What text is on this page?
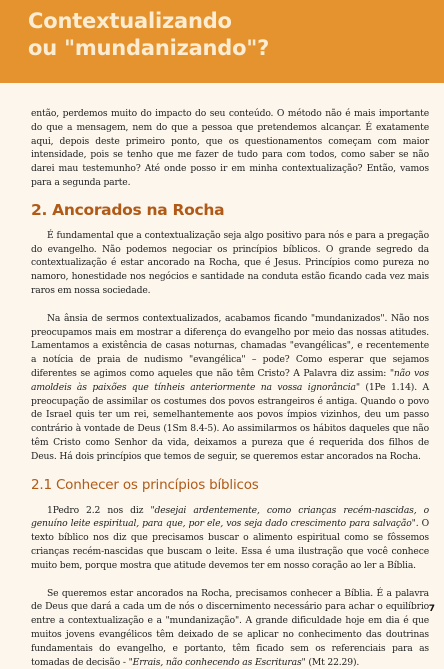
Contextualizando
ou "mundanizando"?

então, perdemos muito do impacto do seu conteúdo. O método não é mais importante do que a mensagem, nem do que a pessoa que pretendemos alcançar. É exatamente aqui, depois deste primeiro ponto, que os questionamentos começam com maior intensidade, pois se tenho que me fazer de tudo para com todos, como saber se não darei mau testemunho? Até onde posso ir em minha contextualização? Então, vamos para a segunda parte.

2. Ancorados na Rocha

É fundamental que a contextualização seja algo positivo para nós e para a pregação do evangelho. Não podemos negociar os princípios bíblicos. O grande segredo da contextualização é estar ancorado na Rocha, que é Jesus. Princípios como pureza no namoro, honestidade nos negócios e santidade na conduta estão ficando cada vez mais raros em nossa sociedade.

Na ânsia de sermos contextualizados, acabamos ficando "mundanizados". Não nos preocupamos mais em mostrar a diferença do evangelho por meio das nossas atitudes. Lamentamos a existência de casas noturnas, chamadas "evangélicas", e recentemente a notícia de praia de nudismo "evangélica" – pode? Como esperar que sejamos diferentes se agimos como aqueles que não têm Cristo? A Palavra diz assim: "não vos amoldeis às paixões que tínheis anteriormente na vossa ignorância" (1Pe 1.14). A preocupação de assimilar os costumes dos povos estrangeiros é antiga. Quando o povo de Israel quis ter um rei, semelhantemente aos povos ímpios vizinhos, deu um passo contrário à vontade de Deus (1Sm 8.4-5). Ao assimilarmos os hábitos daqueles que não têm Cristo como Senhor da vida, deixamos a pureza que é requerida dos filhos de Deus. Há dois princípios que temos de seguir, se queremos estar ancorados na Rocha.

2.1 Conhecer os princípios bíblicos

1Pedro 2.2 nos diz "desejai ardentemente, como crianças recém-nascidas, o genuíno leite espiritual, para que, por ele, vos seja dado crescimento para salvação". O texto bíblico nos diz que precisamos buscar o alimento espiritual como se fôssemos crianças recém-nascidas que buscam o leite. Essa é uma ilustração que você conhece muito bem, porque mostra que atitude devemos ter em nosso coração ao ler a Bíblia.

Se queremos estar ancorados na Rocha, precisamos conhecer a Bíblia. É a palavra de Deus que dará a cada um de nós o discernimento necessário para achar o equilíbrio entre a contextualização e a "mundanização". A grande dificuldade hoje em dia é que muitos jovens evangélicos têm deixado de se aplicar no conhecimento das doutrinas fundamentais do evangelho, e portanto, têm ficado sem os referenciais para as tomadas de decisão - "Errais, não conhecendo as Escrituras" (Mt 22.29).

7
